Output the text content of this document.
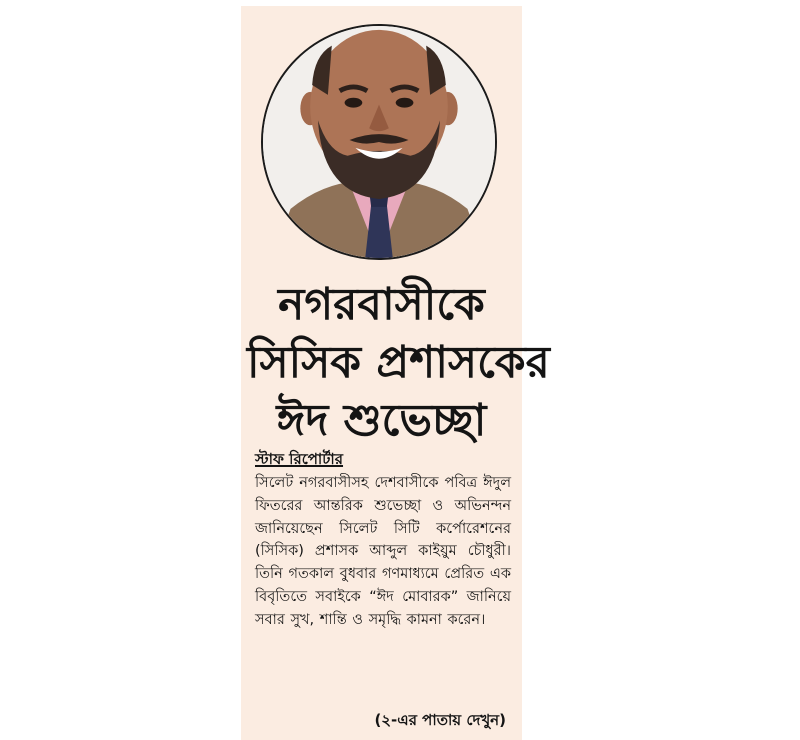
নগরবাসীকে
সিসিক প্রশাসকের
ঈদ শুভেচ্ছা

স্টাফ রিপোর্টার

সিলেট নগরবাসীসহ দেশবাসীকে পবিত্র ঈদুল ফিতরের আন্তরিক শুভেচ্ছা ও অভিনন্দন জানিয়েছেন সিলেট সিটি কর্পোরেশনের (সিসিক) প্রশাসক আব্দুল কাইয়ুম চৌধুরী। তিনি গতকাল বুধবার গণমাধ্যমে প্রেরিত এক বিবৃতিতে সবাইকে “ঈদ মোবারক” জানিয়ে সবার সুখ, শান্তি ও সমৃদ্ধি কামনা করেন।

(২-এর পাতায় দেখুন)
